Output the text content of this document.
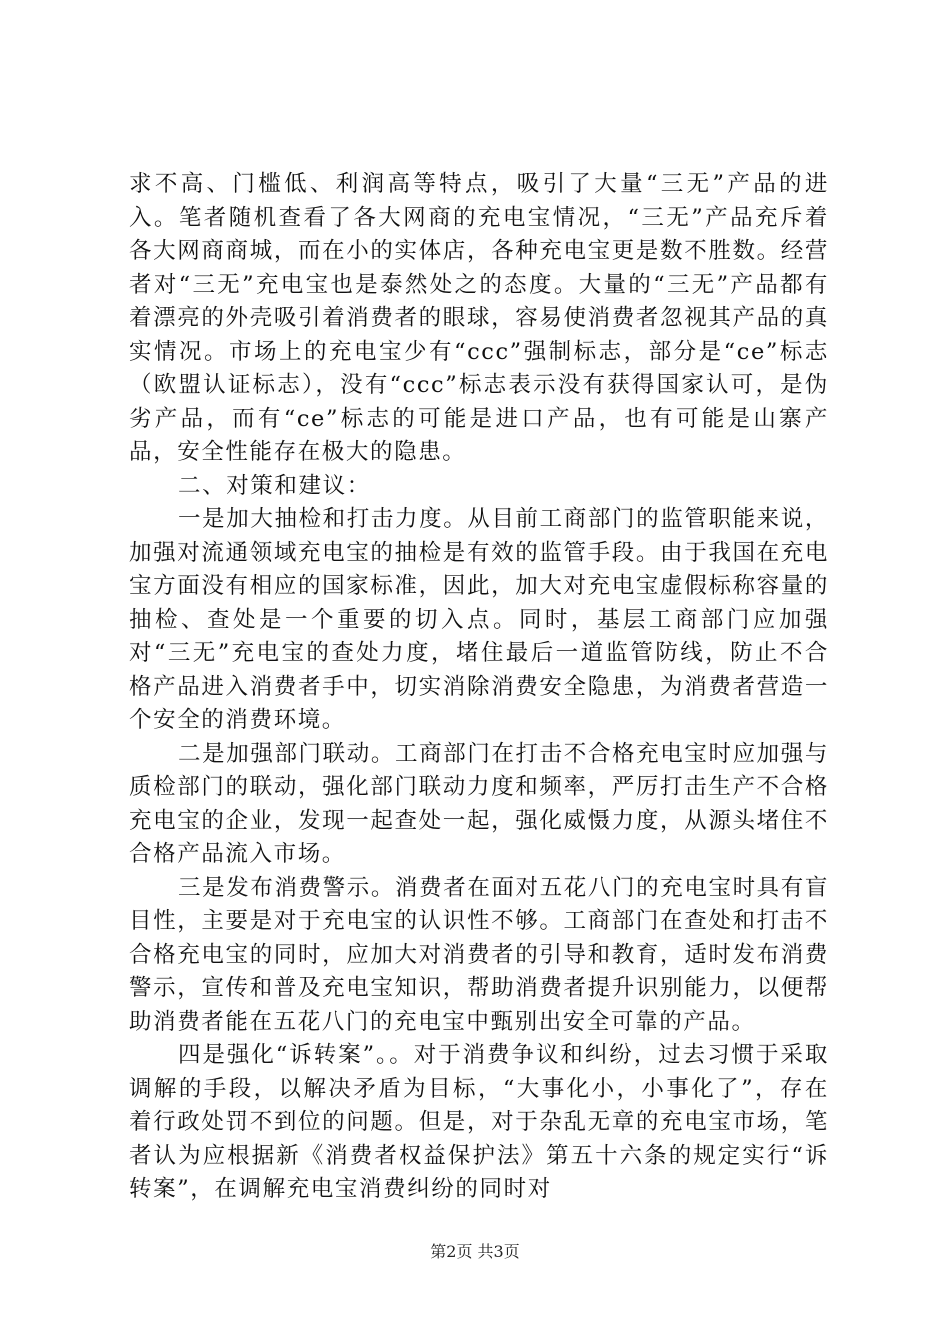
求不高、门槛低、利润高等特点，吸引了大量“三无”产品的进入。笔者随机查看了各大网商的充电宝情况，“三无”产品充斥着各大网商商城，而在小的实体店，各种充电宝更是数不胜数。经营者对“三无”充电宝也是泰然处之的态度。大量的“三无”产品都有着漂亮的外壳吸引着消费者的眼球，容易使消费者忽视其产品的真实情况。市场上的充电宝少有“ccc”强制标志，部分是“ce”标志（欧盟认证标志），没有“ccc”标志表示没有获得国家认可，是伪劣产品，而有“ce”标志的可能是进口产品，也有可能是山寨产品，安全性能存在极大的隐患。

二、对策和建议：

一是加大抽检和打击力度。从目前工商部门的监管职能来说，加强对流通领域充电宝的抽检是有效的监管手段。由于我国在充电宝方面没有相应的国家标准，因此，加大对充电宝虚假标称容量的抽检、查处是一个重要的切入点。同时，基层工商部门应加强对“三无”充电宝的查处力度，堵住最后一道监管防线，防止不合格产品进入消费者手中，切实消除消费安全隐患，为消费者营造一个安全的消费环境。

二是加强部门联动。工商部门在打击不合格充电宝时应加强与质检部门的联动，强化部门联动力度和频率，严厉打击生产不合格充电宝的企业，发现一起查处一起，强化威慑力度，从源头堵住不合格产品流入市场。

三是发布消费警示。消费者在面对五花八门的充电宝时具有盲目性，主要是对于充电宝的认识性不够。工商部门在查处和打击不合格充电宝的同时，应加大对消费者的引导和教育，适时发布消费警示，宣传和普及充电宝知识，帮助消费者提升识别能力，以便帮助消费者能在五花八门的充电宝中甄别出安全可靠的产品。

四是强化“诉转案”。。对于消费争议和纠纷，过去习惯于采取调解的手段，以解决矛盾为目标，“大事化小，小事化了”，存在着行政处罚不到位的问题。但是，对于杂乱无章的充电宝市场，笔者认为应根据新《消费者权益保护法》第五十六条的规定实行“诉转案”，在调解充电宝消费纠纷的同时对

第2页 共3页
